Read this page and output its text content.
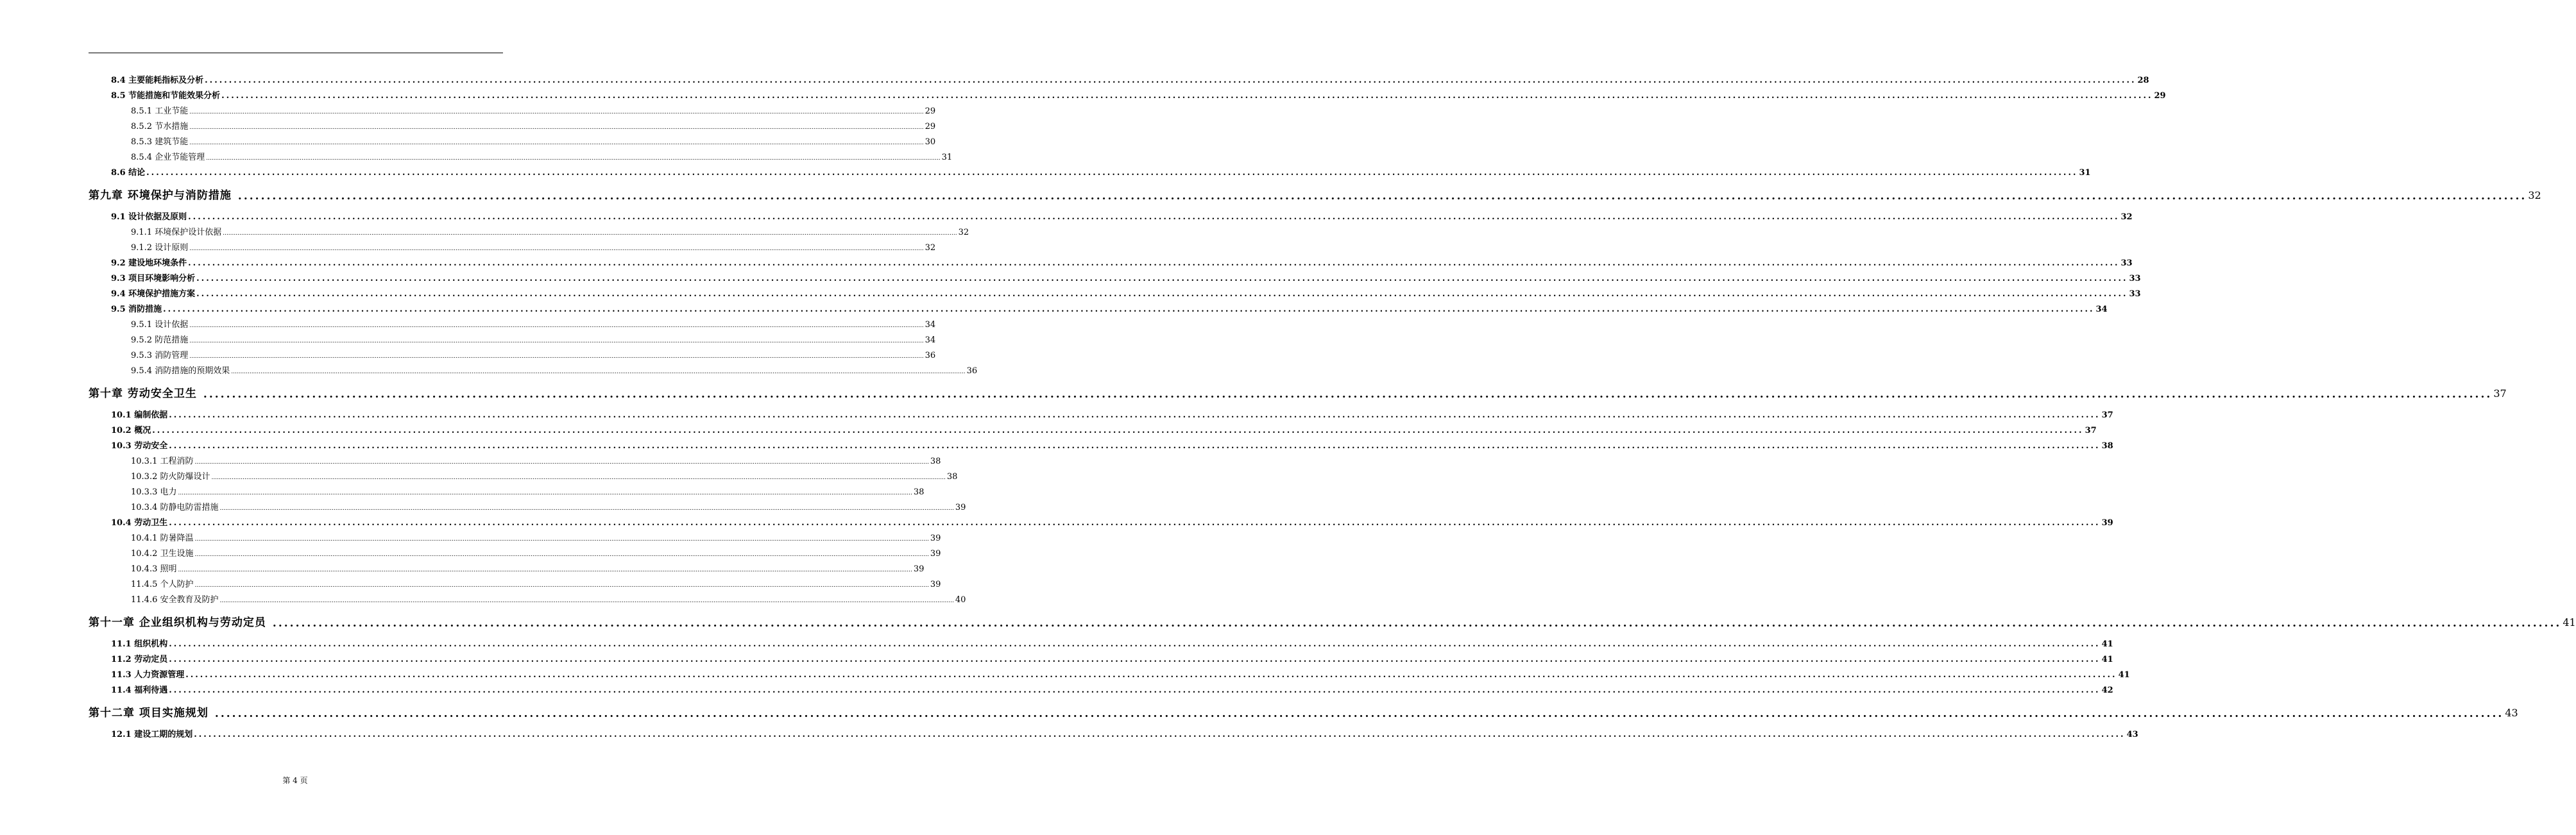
8.4 主要能耗指标及分析 ................................................................................................................................................................................................................................................................................................................................................................................................................ 28
8.5 节能措施和节能效果分析 ................................................................................................................................................................................................................................................................................................................................................................................................................ 29
8.5.1 工业节能 ................................................................................................................................................................................................................................................................................................................................................................................................................ 29
8.5.2 节水措施 ................................................................................................................................................................................................................................................................................................................................................................................................................ 29
8.5.3 建筑节能 ................................................................................................................................................................................................................................................................................................................................................................................................................ 30
8.5.4 企业节能管理 ................................................................................................................................................................................................................................................................................................................................................................................................................ 31
8.6 结论 ................................................................................................................................................................................................................................................................................................................................................................................................................ 31
第九章 环境保护与消防措施 ................................................................................................................................................................................................................................................................................................................................................................................................................ 32
9.1 设计依据及原则 ................................................................................................................................................................................................................................................................................................................................................................................................................ 32
9.1.1 环境保护设计依据 ................................................................................................................................................................................................................................................................................................................................................................................................................ 32
9.1.2 设计原则 ................................................................................................................................................................................................................................................................................................................................................................................................................ 32
9.2 建设地环境条件 ................................................................................................................................................................................................................................................................................................................................................................................................................ 33
9.3 项目环境影响分析 ................................................................................................................................................................................................................................................................................................................................................................................................................ 33
9.4 环境保护措施方案 ................................................................................................................................................................................................................................................................................................................................................................................................................ 33
9.5 消防措施 ................................................................................................................................................................................................................................................................................................................................................................................................................ 34
9.5.1 设计依据 ................................................................................................................................................................................................................................................................................................................................................................................................................ 34
9.5.2 防范措施 ................................................................................................................................................................................................................................................................................................................................................................................................................ 34
9.5.3 消防管理 ................................................................................................................................................................................................................................................................................................................................................................................................................ 36
9.5.4 消防措施的预期效果 ................................................................................................................................................................................................................................................................................................................................................................................................................ 36
第十章 劳动安全卫生 ................................................................................................................................................................................................................................................................................................................................................................................................................ 37
10.1 编制依据 ................................................................................................................................................................................................................................................................................................................................................................................................................ 37
10.2 概况 ................................................................................................................................................................................................................................................................................................................................................................................................................ 37
10.3 劳动安全 ................................................................................................................................................................................................................................................................................................................................................................................................................ 38
10.3.1 工程消防 ................................................................................................................................................................................................................................................................................................................................................................................................................ 38
10.3.2 防火防爆设计 ................................................................................................................................................................................................................................................................................................................................................................................................................ 38
10.3.3 电力 ................................................................................................................................................................................................................................................................................................................................................................................................................ 38
10.3.4 防静电防雷措施 ................................................................................................................................................................................................................................................................................................................................................................................................................ 39
10.4 劳动卫生 ................................................................................................................................................................................................................................................................................................................................................................................................................ 39
10.4.1 防暑降温 ................................................................................................................................................................................................................................................................................................................................................................................................................ 39
10.4.2 卫生设施 ................................................................................................................................................................................................................................................................................................................................................................................................................ 39
10.4.3 照明 ................................................................................................................................................................................................................................................................................................................................................................................................................ 39
11.4.5 个人防护 ................................................................................................................................................................................................................................................................................................................................................................................................................ 39
11.4.6 安全教育及防护 ................................................................................................................................................................................................................................................................................................................................................................................................................ 40
第十一章 企业组织机构与劳动定员 ................................................................................................................................................................................................................................................................................................................................................................................................................ 41
11.1 组织机构 ................................................................................................................................................................................................................................................................................................................................................................................................................ 41
11.2 劳动定员 ................................................................................................................................................................................................................................................................................................................................................................................................................ 41
11.3 人力资源管理 ................................................................................................................................................................................................................................................................................................................................................................................................................ 41
11.4 福利待遇 ................................................................................................................................................................................................................................................................................................................................................................................................................ 42
第十二章 项目实施规划 ................................................................................................................................................................................................................................................................................................................................................................................................................ 43
12.1 建设工期的规划 ................................................................................................................................................................................................................................................................................................................................................................................................................ 43
第 4 页
